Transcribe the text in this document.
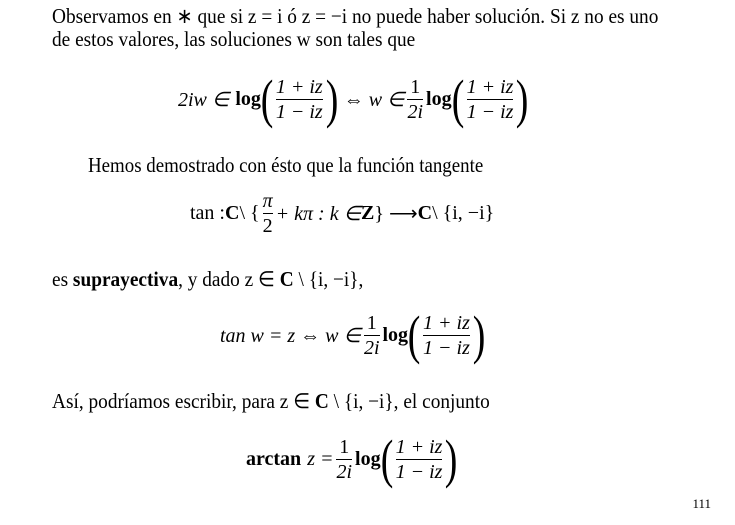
Observamos en ∗ que si z = i ó z = −i no puede haber solución. Si z no es uno
de estos valores, las soluciones w son tales que
2iw ∈ log ( $\frac{1 + iz}{1 - iz}$ ) ⇔ w ∈ $\frac{1}{2i}$ log ( $\frac{1 + iz}{1 - iz}$ )
Hemos demostrado con ésto que la función tangente
tan : C \ { $\frac{\pi}{2} + k\pi$ : k ∈ Z } ⟶ C \ {i, −i}
es suprayectiva, y dado z ∈ C \ {i, −i},
tan w = z ⇔ w ∈ $\frac{1}{2i}$ log ( $\frac{1 + iz}{1 - iz}$ )
Así, podríamos escribir, para z ∈ C \ {i, −i}, el conjunto
$\arctan z = \frac{1}{2i}$ log ( $\frac{1 + iz}{1 - iz}$ )
111
